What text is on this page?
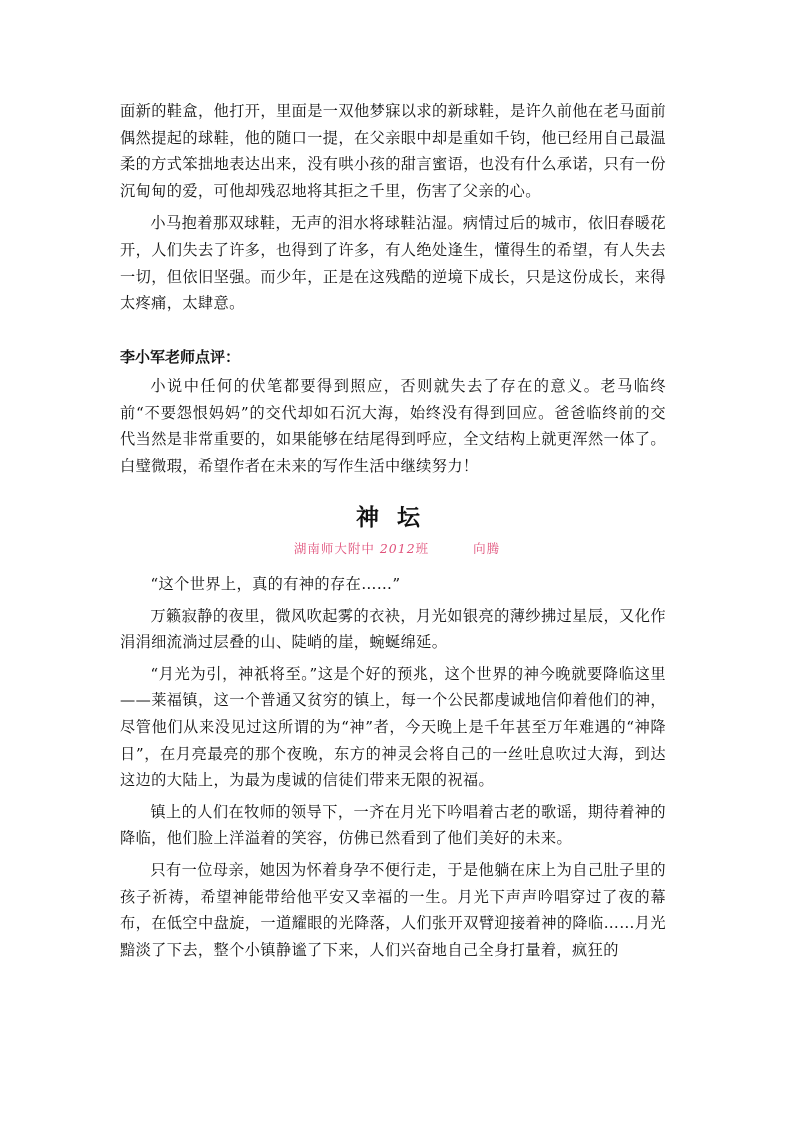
面新的鞋盒，他打开，里面是一双他梦寐以求的新球鞋，是许久前他在老马面前偶然提起的球鞋，他的随口一提，在父亲眼中却是重如千钧，他已经用自己最温柔的方式笨拙地表达出来，没有哄小孩的甜言蜜语，也没有什么承诺，只有一份沉甸甸的爱，可他却残忍地将其拒之千里，伤害了父亲的心。

小马抱着那双球鞋，无声的泪水将球鞋沾湿。病情过后的城市，依旧春暖花开，人们失去了许多，也得到了许多，有人绝处逢生，懂得生的希望，有人失去一切，但依旧坚强。而少年，正是在这残酷的逆境下成长，只是这份成长，来得太疼痛，太肆意。

李小军老师点评：

小说中任何的伏笔都要得到照应，否则就失去了存在的意义。老马临终前“不要怨恨妈妈”的交代却如石沉大海，始终没有得到回应。爸爸临终前的交代当然是非常重要的，如果能够在结尾得到呼应，全文结构上就更浑然一体了。白璧微瑕，希望作者在未来的写作生活中继续努力！

神坛
湖南师大附中 2012班	向腾

“这个世界上，真的有神的存在……”

万籁寂静的夜里，微风吹起雾的衣袂，月光如银亮的薄纱拂过星辰，又化作涓涓细流淌过层叠的山、陡峭的崖，蜿蜒绵延。

“月光为引，神祇将至。”这是个好的预兆，这个世界的神今晚就要降临这里——莱福镇，这一个普通又贫穷的镇上，每一个公民都虔诚地信仰着他们的神，尽管他们从来没见过这所谓的为“神”者，今天晚上是千年甚至万年难遇的“神降日”，在月亮最亮的那个夜晚，东方的神灵会将自己的一丝吐息吹过大海，到达这边的大陆上，为最为虔诚的信徒们带来无限的祝福。

镇上的人们在牧师的领导下，一齐在月光下吟唱着古老的歌谣，期待着神的降临，他们脸上洋溢着的笑容，仿佛已然看到了他们美好的未来。

只有一位母亲，她因为怀着身孕不便行走，于是他躺在床上为自己肚子里的孩子祈祷，希望神能带给他平安又幸福的一生。月光下声声吟唱穿过了夜的幕布，在低空中盘旋，一道耀眼的光降落，人们张开双臂迎接着神的降临……月光黯淡了下去，整个小镇静谧了下来，人们兴奋地自己全身打量着，疯狂的
